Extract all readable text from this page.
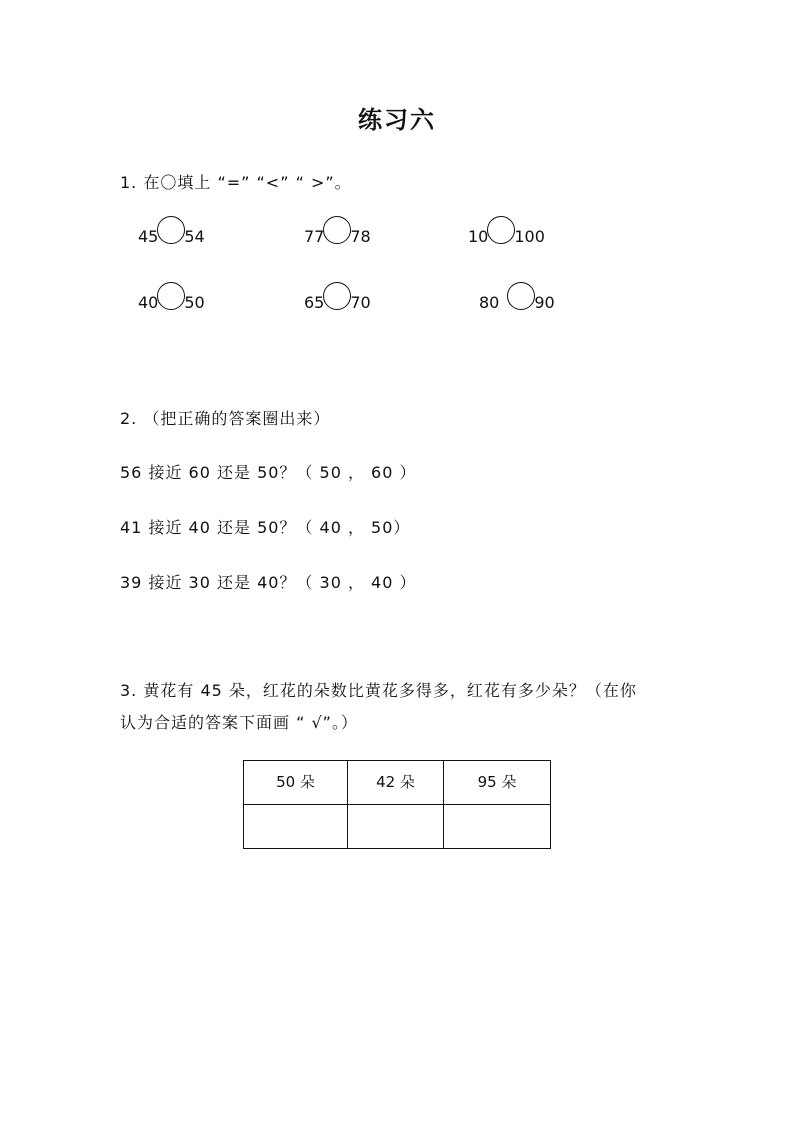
练习六
1. 在〇填上 “=” “<” “ >”。
45 54	77 78	10 100
40 50	65 70	80 90
2. （把正确的答案圈出来）
56 接近 60 还是 50？（ 50 ， 60 ）
41 接近 40 还是 50？（ 40 ， 50）
39 接近 30 还是 40？（ 30 ， 40 ）
3. 黄花有 45 朵，红花的朵数比黄花多得多，红花有多少朵？（在你
认为合适的答案下面画 “ √”。）
50 朵	42 朵	95 朵
